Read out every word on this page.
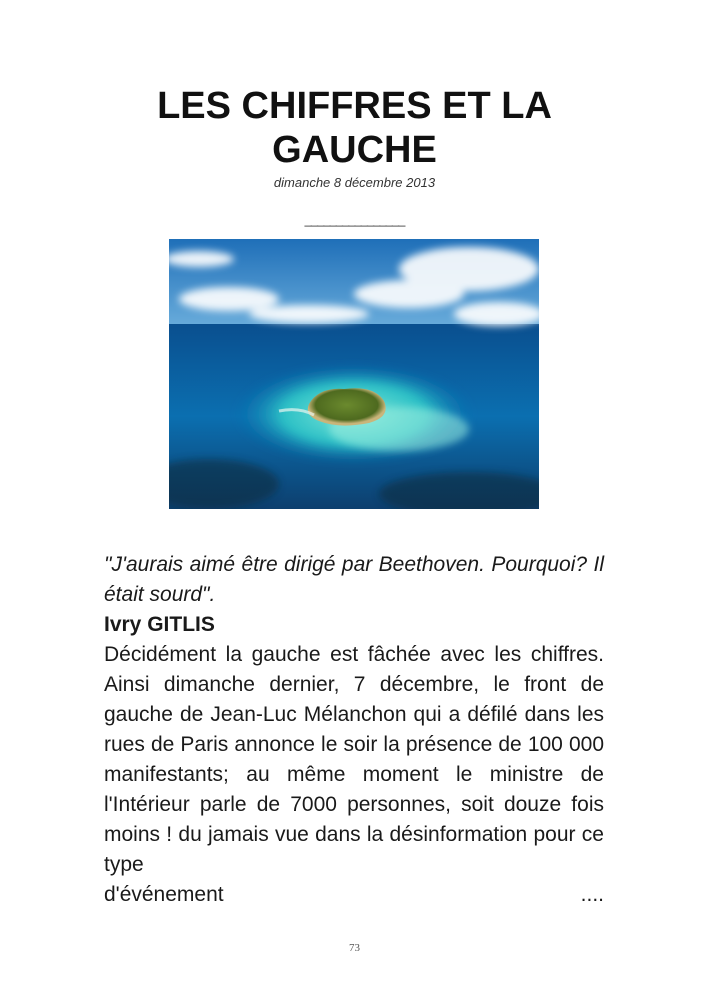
LES CHIFFRES ET LA
GAUCHE
dimanche 8 décembre 2013
________________
"J'aurais aimé être dirigé par Beethoven. Pourquoi? Il était sourd".
Ivry GITLIS
Décidément la gauche est fâchée avec les chiffres. Ainsi dimanche dernier, 7 décembre, le front de gauche de Jean-Luc Mélanchon qui a défilé dans les rues de Paris annonce le soir la présence de 100 000 manifestants; au même moment le ministre de l'Intérieur parle de 7000 personnes, soit douze fois moins ! du jamais vue dans la désinformation pour ce type
d'événement	....
73
